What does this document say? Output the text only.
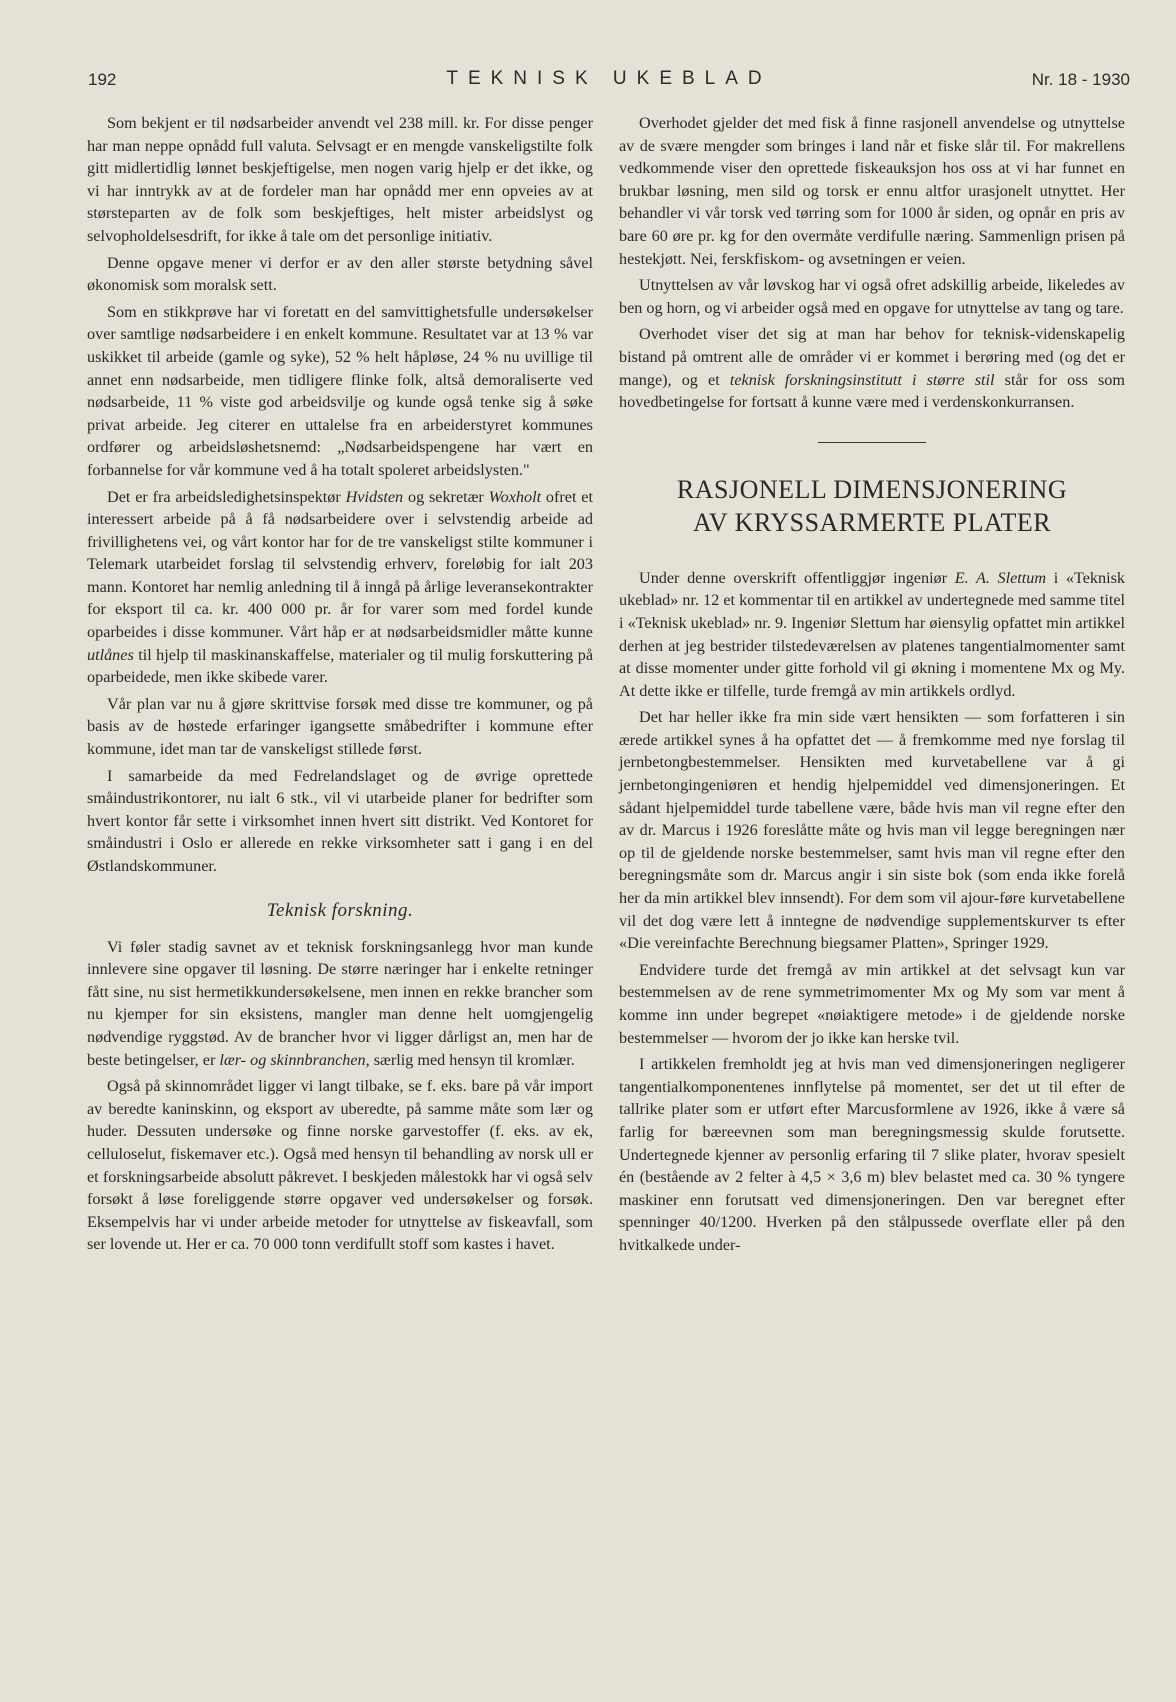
192	TEKNISK UKEBLAD	Nr. 18 - 1930

Som bekjent er til nødsarbeider anvendt vel 238 mill. kr. For disse penger har man neppe opnådd full valuta. Selvsagt er en mengde vanskeligstilte folk gitt midlertidlig lønnet beskjeftigelse, men nogen varig hjelp er det ikke, og vi har inntrykk av at de fordeler man har opnådd mer enn opveies av at størsteparten av de folk som beskjeftiges, helt mister arbeidslyst og selvopholdelsesdrift, for ikke å tale om det personlige initiativ.

Denne opgave mener vi derfor er av den aller største betydning såvel økonomisk som moralsk sett.

Som en stikkprøve har vi foretatt en del samvittighetsfulle undersøkelser over samtlige nødsarbeidere i en enkelt kommune. Resultatet var at 13 % var uskikket til arbeide (gamle og syke), 52 % helt håpløse, 24 % nu uvillige til annet enn nødsarbeide, men tidligere flinke folk, altså demoraliserte ved nødsarbeide, 11 % viste god arbeidsvilje og kunde også tenke sig å søke privat arbeide. Jeg citerer en uttalelse fra en arbeiderstyret kommunes ordfører og arbeidsløshetsnemd: „Nødsarbeidspengene har vært en forbannelse for vår kommune ved å ha totalt spoleret arbeidslysten."

Det er fra arbeidsledighetsinspektør Hvidsten og sekretær Woxholt ofret et interessert arbeide på å få nødsarbeidere over i selvstendig arbeide ad frivillighetens vei, og vårt kontor har for de tre vanskeligst stilte kommuner i Telemark utarbeidet forslag til selvstendig erhverv, foreløbig for ialt 203 mann. Kontoret har nemlig anledning til å inngå på årlige leveransekontrakter for eksport til ca. kr. 400 000 pr. år for varer som med fordel kunde oparbeides i disse kommuner. Vårt håp er at nødsarbeidsmidler måtte kunne utlånes til hjelp til maskinanskaffelse, materialer og til mulig forskuttering på oparbeidede, men ikke skibede varer.

Vår plan var nu å gjøre skrittvise forsøk med disse tre kommuner, og på basis av de høstede erfaringer igangsette småbedrifter i kommune efter kommune, idet man tar de vanskeligst stillede først.

I samarbeide da med Fedrelandslaget og de øvrige oprettede småindustrikontorer, nu ialt 6 stk., vil vi utarbeide planer for bedrifter som hvert kontor får sette i virksomhet innen hvert sitt distrikt. Ved Kontoret for småindustri i Oslo er allerede en rekke virksomheter satt i gang i en del Østlandskommuner.

Teknisk forskning.

Vi føler stadig savnet av et teknisk forskningsanlegg hvor man kunde innlevere sine opgaver til løsning. De større næringer har i enkelte retninger fått sine, nu sist hermetikkundersøkelsene, men innen en rekke brancher som nu kjemper for sin eksistens, mangler man denne helt uomgjengelig nødvendige ryggstød. Av de brancher hvor vi ligger dårligst an, men har de beste betingelser, er lær- og skinnbranchen, særlig med hensyn til kromlær.

Også på skinnområdet ligger vi langt tilbake, se f. eks. bare på vår import av beredte kaninskinn, og eksport av uberedte, på samme måte som lær og huder. Dessuten undersøke og finne norske garvestoffer (f. eks. av ek, celluloselut, fiskemaver etc.). Også med hensyn til behandling av norsk ull er et forskningsarbeide absolutt påkrevet. I beskjeden målestokk har vi også selv forsøkt å løse foreliggende større opgaver ved undersøkelser og forsøk. Eksempelvis har vi under arbeide metoder for utnyttelse av fiskeavfall, som ser lovende ut. Her er ca. 70 000 tonn verdifullt stoff som kastes i havet.

Overhodet gjelder det med fisk å finne rasjonell anvendelse og utnyttelse av de svære mengder som bringes i land når et fiske slår til. For makrellens vedkommende viser den oprettede fiskeauksjon hos oss at vi har funnet en brukbar løsning, men sild og torsk er ennu altfor urasjonelt utnyttet. Her behandler vi vår torsk ved tørring som for 1000 år siden, og opnår en pris av bare 60 øre pr. kg for den overmåte verdifulle næring. Sammenlign prisen på hestekjøtt. Nei, ferskfiskom- og avsetningen er veien.

Utnyttelsen av vår løvskog har vi også ofret adskillig arbeide, likeledes av ben og horn, og vi arbeider også med en opgave for utnyttelse av tang og tare.

Overhodet viser det sig at man har behov for teknisk-videnskapelig bistand på omtrent alle de områder vi er kommet i berøring med (og det er mange), og et teknisk forskningsinstitutt i større stil står for oss som hovedbetingelse for fortsatt å kunne være med i verdenskonkurransen.

RASJONELL DIMENSJONERING
AV KRYSSARMERTE PLATER

Under denne overskrift offentliggjør ingeniør E. A. Slettum i «Teknisk ukeblad» nr. 12 et kommentar til en artikkel av undertegnede med samme titel i «Teknisk ukeblad» nr. 9. Ingeniør Slettum har øiensylig opfattet min artikkel derhen at jeg bestrider tilstedeværelsen av platenes tangentialmomenter samt at disse momenter under gitte forhold vil gi økning i momentene Mx og My. At dette ikke er tilfelle, turde fremgå av min artikkels ordlyd.

Det har heller ikke fra min side vært hensikten — som forfatteren i sin ærede artikkel synes å ha opfattet det — å fremkomme med nye forslag til jernbetongbestemmelser. Hensikten med kurvetabellene var å gi jernbetongingeniøren et hendig hjelpemiddel ved dimensjoneringen. Et sådant hjelpemiddel turde tabellene være, både hvis man vil regne efter den av dr. Marcus i 1926 foreslåtte måte og hvis man vil legge beregningen nær op til de gjeldende norske bestemmelser, samt hvis man vil regne efter den beregningsmåte som dr. Marcus angir i sin siste bok (som enda ikke forelå her da min artikkel blev innsendt). For dem som vil ajour-føre kurvetabellene vil det dog være lett å inntegne de nødvendige supplementskurver ts efter «Die vereinfachte Berechnung biegsamer Platten», Springer 1929.

Endvidere turde det fremgå av min artikkel at det selvsagt kun var bestemmelsen av de rene symmetrimomenter Mx og My som var ment å komme inn under begrepet «nøiaktigere metode» i de gjeldende norske bestemmelser — hvorom der jo ikke kan herske tvil.

I artikkelen fremholdt jeg at hvis man ved dimensjoneringen negligerer tangentialkomponentenes innflytelse på momentet, ser det ut til efter de tallrike plater som er utført efter Marcusformlene av 1926, ikke å være så farlig for bæreevnen som man beregningsmessig skulde forutsette. Undertegnede kjenner av personlig erfaring til 7 slike plater, hvorav spesielt én (bestående av 2 felter à 4,5 × 3,6 m) blev belastet med ca. 30 % tyngere maskiner enn forutsatt ved dimensjoneringen. Den var beregnet efter spenninger 40/1200. Hverken på den stålpussede overflate eller på den hvitkalkede under-
